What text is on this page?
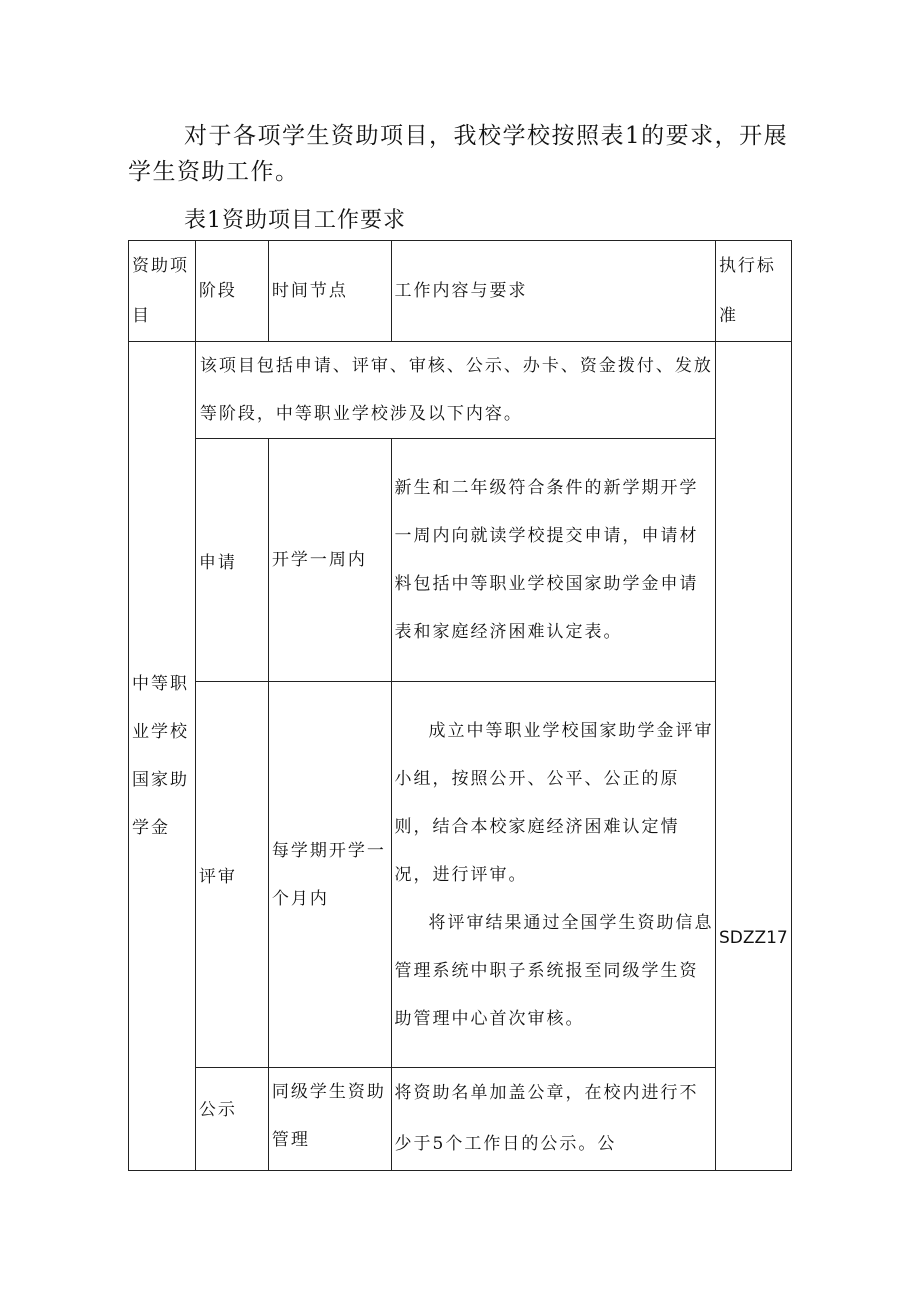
对于各项学生资助项目，我校学校按照表1的要求，开展学生资助工作。

表1资助项目工作要求

资助项目	阶段	时间节点	工作内容与要求	执行标准
中等职业学校国家助学金	该项目包括申请、评审、审核、公示、办卡、资金拨付、发放等阶段，中等职业学校涉及以下内容。			SDZZ17

	申请	开学一周内	新生和二年级符合条件的新学期开学一周内向就读学校提交申请，申请材料包括中等职业学校国家助学金申请表和家庭经济困难认定表。	
	评审	每学期开学一个月内	成立中等职业学校国家助学金评审小组，按照公开、公平、公正的原则，结合本校家庭经济困难认定情况，进行评审。
将评审结果通过全国学生资助信息管理系统中职子系统报至同级学生资助管理中心首次审核。	

	公示	同级学生资助管理	将资助名单加盖公章，在校内进行不少于5个工作日的公示。公	
